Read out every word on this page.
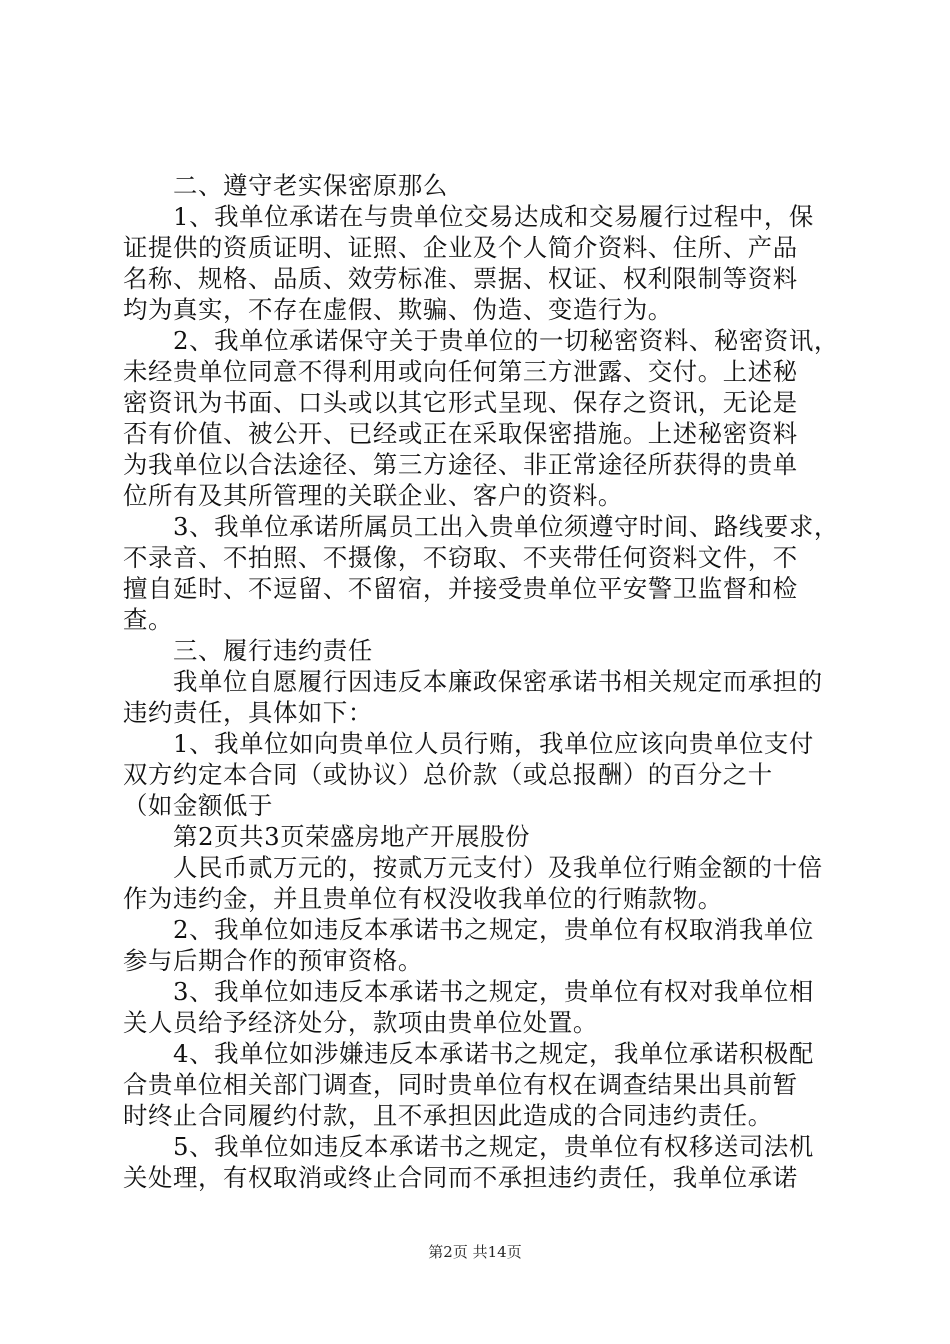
　　二、遵守老实保密原那么
　　1、我单位承诺在与贵单位交易达成和交易履行过程中，保
证提供的资质证明、证照、企业及个人简介资料、住所、产品
名称、规格、品质、效劳标准、票据、权证、权利限制等资料
均为真实，不存在虚假、欺骗、伪造、变造行为。
　　2、我单位承诺保守关于贵单位的一切秘密资料、秘密资讯，
未经贵单位同意不得利用或向任何第三方泄露、交付。上述秘
密资讯为书面、口头或以其它形式呈现、保存之资讯，无论是
否有价值、被公开、已经或正在采取保密措施。上述秘密资料
为我单位以合法途径、第三方途径、非正常途径所获得的贵单
位所有及其所管理的关联企业、客户的资料。
　　3、我单位承诺所属员工出入贵单位须遵守时间、路线要求，
不录音、不拍照、不摄像，不窃取、不夹带任何资料文件，不
擅自延时、不逗留、不留宿，并接受贵单位平安警卫监督和检
查。
　　三、履行违约责任
　　我单位自愿履行因违反本廉政保密承诺书相关规定而承担的
违约责任，具体如下：
　　1、我单位如向贵单位人员行贿，我单位应该向贵单位支付
双方约定本合同（或协议）总价款（或总报酬）的百分之十
（如金额低于
　　第2页共3页荣盛房地产开展股份
　　人民币贰万元的，按贰万元支付）及我单位行贿金额的十倍
作为违约金，并且贵单位有权没收我单位的行贿款物。
　　2、我单位如违反本承诺书之规定，贵单位有权取消我单位
参与后期合作的预审资格。
　　3、我单位如违反本承诺书之规定，贵单位有权对我单位相
关人员给予经济处分，款项由贵单位处置。
　　4、我单位如涉嫌违反本承诺书之规定，我单位承诺积极配
合贵单位相关部门调查，同时贵单位有权在调查结果出具前暂
时终止合同履约付款，且不承担因此造成的合同违约责任。
　　5、我单位如违反本承诺书之规定，贵单位有权移送司法机
关处理，有权取消或终止合同而不承担违约责任，我单位承诺
第2页 共14页
